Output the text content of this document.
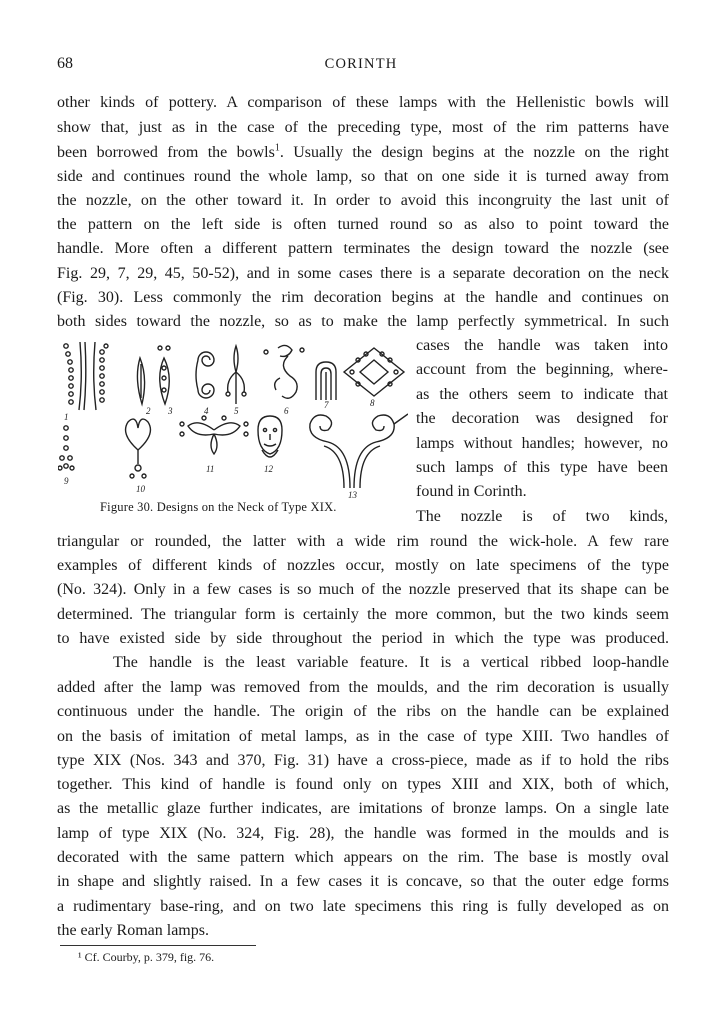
68	CORINTH
other kinds of pottery. A comparison of these lamps with the Hellenistic bowls will
show that, just as in the case of the preceding type, most of the rim patterns have
been borrowed from the bowls$^1$. Usually the design begins at the nozzle on the right
side and continues round the whole lamp, so that on one side it is turned away from
the nozzle, on the other toward it. In order to avoid this incongruity the last unit of
the pattern on the left side is often turned round so as also to point toward the
handle. More often a different pattern terminates the design toward the nozzle (see
Fig. 29, 7, 29, 45, 50-52), and in some cases there is a separate decoration on the neck
(Fig. 30). Less commonly the rim decoration begins at the handle and continues on
both sides toward the nozzle, so as to make the lamp perfectly symmetrical. In such
cases the handle was taken into
account from the beginning, where-
as the others seem to indicate that
the decoration was designed for
lamps without handles; however, no
such lamps of this type have been
found in Corinth.
1
2 3	4	5	6
7	8
9
10
11	12
13
Figure 30. Designs on the Neck of Type XIX.
The nozzle is of two kinds,
triangular or rounded, the latter with a wide rim round the wick-hole. A few rare
examples of different kinds of nozzles occur, mostly on late specimens of the type
(No. 324). Only in a few cases is so much of the nozzle preserved that its shape can be
determined. The triangular form is certainly the more common, but the two kinds seem
to have existed side by side throughout the period in which the type was produced.
The handle is the least variable feature. It is a vertical ribbed loop-handle
added after the lamp was removed from the moulds, and the rim decoration is usually
continuous under the handle. The origin of the ribs on the handle can be explained
on the basis of imitation of metal lamps, as in the case of type XIII. Two handles of
type XIX (Nos. 343 and 370, Fig. 31) have a cross-piece, made as if to hold the ribs
together. This kind of handle is found only on types XIII and XIX, both of which,
as the metallic glaze further indicates, are imitations of bronze lamps. On a single late
lamp of type XIX (No. 324, Fig. 28), the handle was formed in the moulds and is
decorated with the same pattern which appears on the rim. The base is mostly oval
in shape and slightly raised. In a few cases it is concave, so that the outer edge forms
a rudimentary base-ring, and on two late specimens this ring is fully developed as on
the early Roman lamps.
¹ Cf. Courby, p. 379, fig. 76.
